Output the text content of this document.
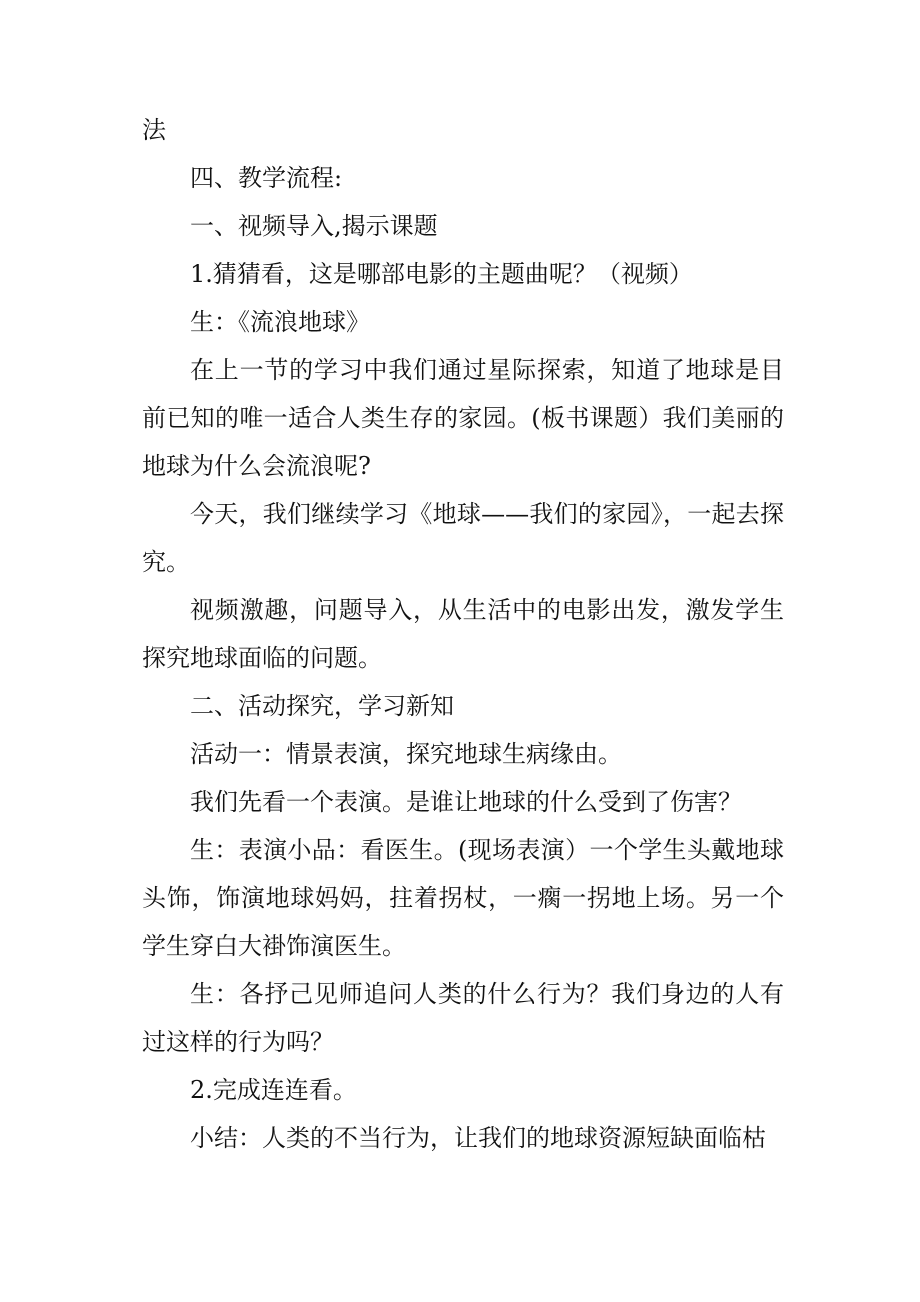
法

四、教学流程:

一、视频导入,揭示课题

1.猜猜看，这是哪部电影的主题曲呢？（视频）

生：《流浪地球》

在上一节的学习中我们通过星际探索，知道了地球是目前已知的唯一适合人类生存的家园。(板书课题）我们美丽的地球为什么会流浪呢?

今天，我们继续学习《地球——我们的家园》，一起去探究。

视频激趣，问题导入，从生活中的电影出发，激发学生探究地球面临的问题。

二、活动探究，学习新知

活动一：情景表演，探究地球生病缘由。

我们先看一个表演。是谁让地球的什么受到了伤害？

生：表演小品：看医生。(现场表演）一个学生头戴地球头饰，饰演地球妈妈，拄着拐杖，一瘸一拐地上场。另一个学生穿白大褂饰演医生。

生：各抒己见师追问人类的什么行为？我们身边的人有过这样的行为吗？

2.完成连连看。

小结：人类的不当行为，让我们的地球资源短缺面临枯
